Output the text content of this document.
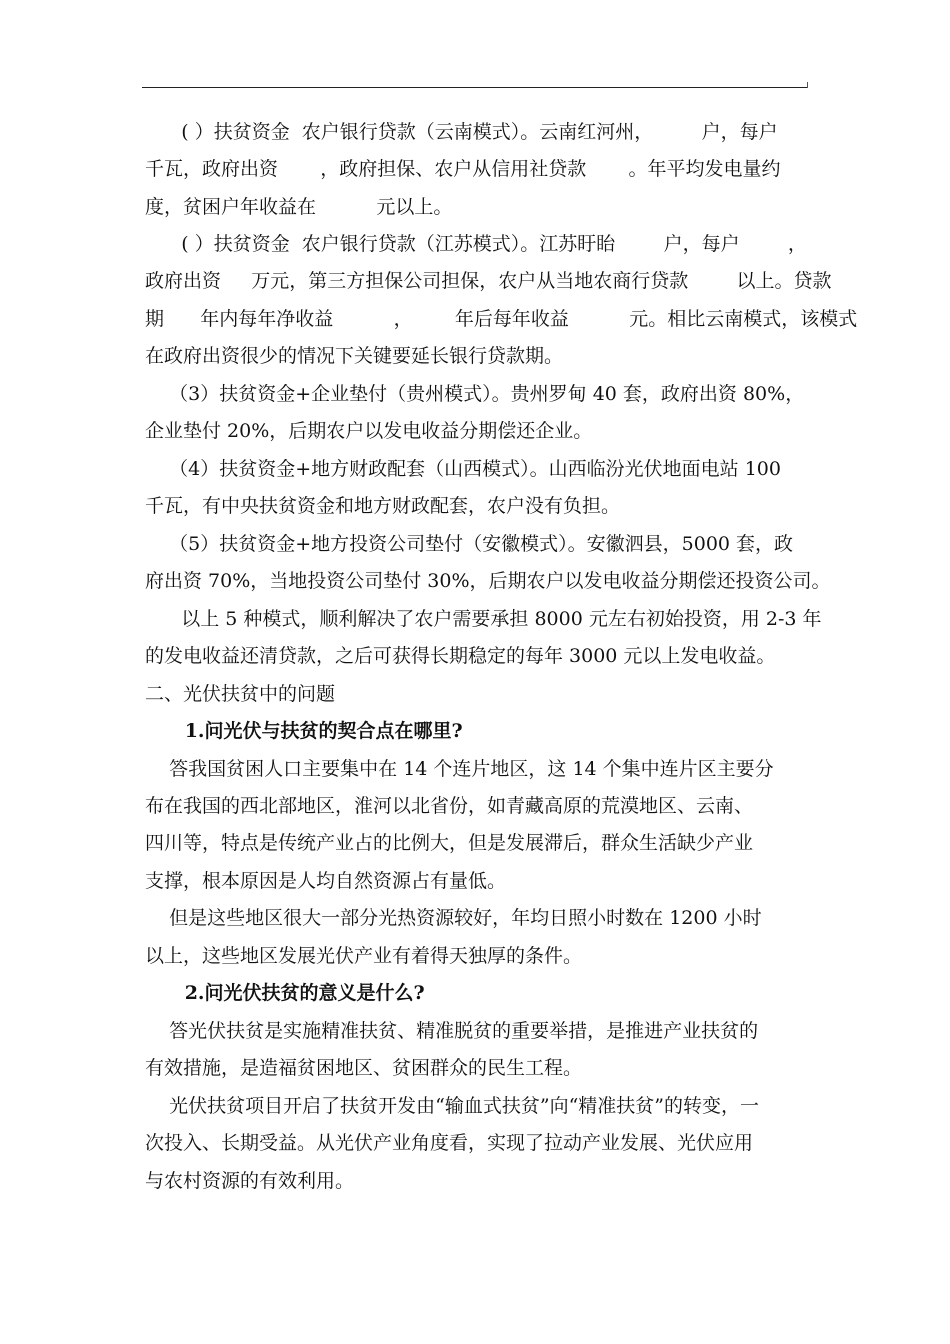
( ）扶贫资金  农户银行贷款（云南模式）。云南红河州，        户，每户
千瓦，政府出资       ，政府担保、农户从信用社贷款       。年平均发电量约
度，贫困户年收益在          元以上。
( ）扶贫资金  农户银行贷款（江苏模式）。江苏盱眙        户，每户        ，
政府出资     万元，第三方担保公司担保，农户从当地农商行贷款        以上。贷款
期      年内每年净收益          ，       年后每年收益          元。相比云南模式，该模式
在政府出资很少的情况下关键要延长银行贷款期。
（3）扶贫资金+企业垫付（贵州模式）。贵州罗甸 40 套，政府出资 80%，
企业垫付 20%，后期农户以发电收益分期偿还企业。
（4）扶贫资金+地方财政配套（山西模式）。山西临汾光伏地面电站 100
千瓦，有中央扶贫资金和地方财政配套，农户没有负担。
（5）扶贫资金+地方投资公司垫付（安徽模式）。安徽泗县，5000 套，政
府出资 70%，当地投资公司垫付 30%，后期农户以发电收益分期偿还投资公司。
以上 5 种模式，顺利解决了农户需要承担 8000 元左右初始投资，用 2-3 年
的发电收益还清贷款，之后可获得长期稳定的每年 3000 元以上发电收益。
二、光伏扶贫中的问题
1.问光伏与扶贫的契合点在哪里?
答我国贫困人口主要集中在 14 个连片地区，这 14 个集中连片区主要分
布在我国的西北部地区，淮河以北省份，如青藏高原的荒漠地区、云南、
四川等，特点是传统产业占的比例大，但是发展滞后，群众生活缺少产业
支撑，根本原因是人均自然资源占有量低。
但是这些地区很大一部分光热资源较好，年均日照小时数在 1200 小时
以上，这些地区发展光伏产业有着得天独厚的条件。
2.问光伏扶贫的意义是什么?
答光伏扶贫是实施精准扶贫、精准脱贫的重要举措，是推进产业扶贫的
有效措施，是造福贫困地区、贫困群众的民生工程。
光伏扶贫项目开启了扶贫开发由“输血式扶贫”向“精准扶贫”的转变，一
次投入、长期受益。从光伏产业角度看，实现了拉动产业发展、光伏应用
与农村资源的有效利用。
